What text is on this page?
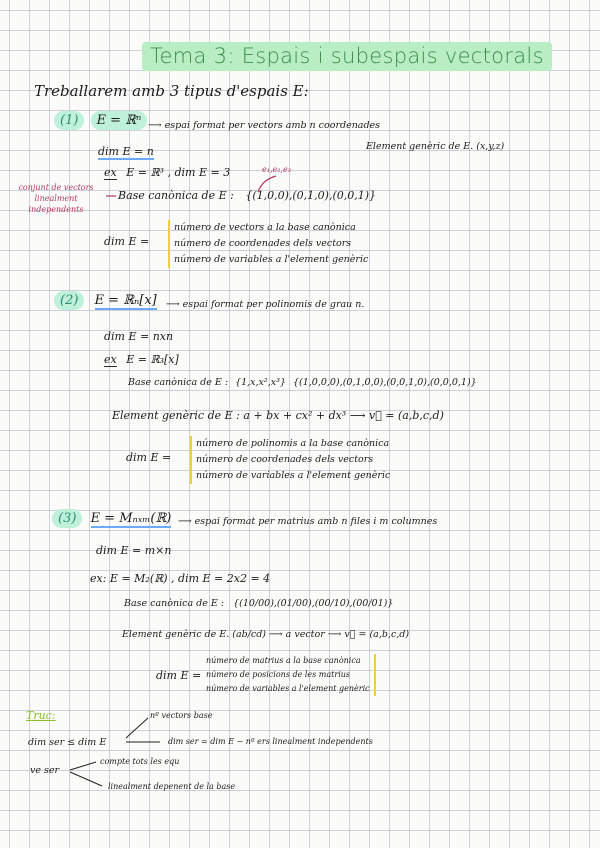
Tema 3: Espais i subespais vectorals
Treballarem amb 3 tipus d'espais E:
(1) E = ℝⁿ ⟶ espai format per vectors amb n coordenades
Element genèric de E. (x,y,z)
dim E = n
ex E = ℝ³ , dim E = 3	e₁,e₂,e₃
conjunt de vectors linealment independents
Base canònica de E : {(1,0,0),(0,1,0),(0,0,1)}
dim E =
número de vectors a la base canònica
número de coordenades dels vectors
número de variables a l'element genèric
(2) E = ℝₙ[x] ⟶ espai format per polinomis de grau n.
dim E = nxn
ex E = ℝ₃[x]
Base canònica de E : {1,x,x²,x³} {(1,0,0,0),(0,1,0,0),(0,0,1,0),(0,0,0,1)}
Element genèric de E : a + bx + cx² + dx³ ⟶ v⃗ = (a,b,c,d)
dim E =
número de polinomis a la base canònica
número de coordenades dels vectors
número de variables a l'element genèric
(3) E = Mₙₓₘ(ℝ) ⟶ espai format per matrius amb n files i m columnes
dim E = m×n
ex: E = M₂(ℝ) , dim E = 2x2 = 4
Base canònica de E : {(10/00),(01/00),(00/10),(00/01)}
Element genèric de E. (ab/cd) ⟶ a vector ⟶ v⃗ = (a,b,c,d)
dim E =
número de matrius a la base canònica
número de posicions de les matrius
número de variables a l'element genèric
Truc:	nº vectors base
dim ser ≤ dim E	dim ser = dim E − nº ers linealment independents
ve ser
compte tots les equ
linealment depenent de la base
